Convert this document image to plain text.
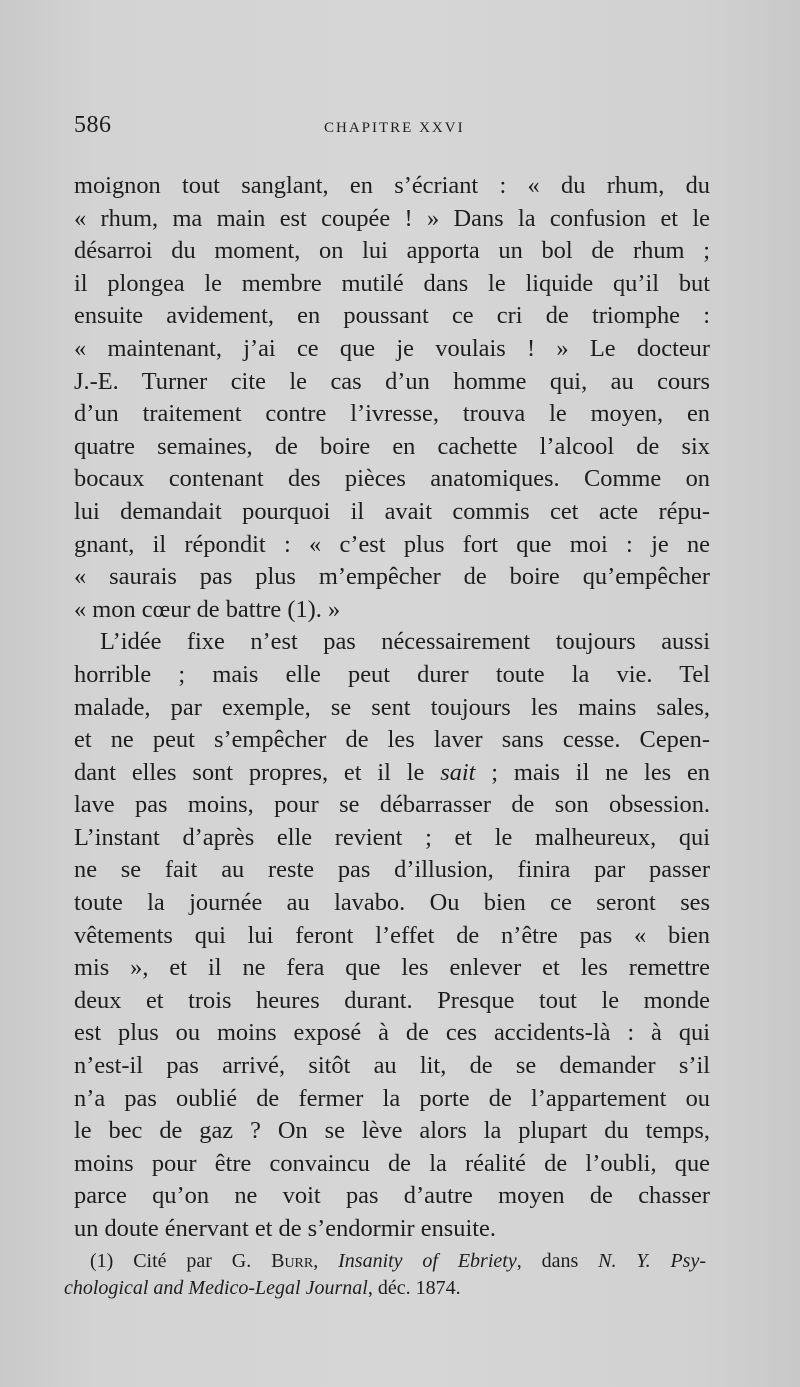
586	CHAPITRE XXVI
moignon tout sanglant, en s’écriant : « du rhum, du
« rhum, ma main est coupée ! » Dans la confusion et le
désarroi du moment, on lui apporta un bol de rhum ;
il plongea le membre mutilé dans le liquide qu’il but
ensuite avidement, en poussant ce cri de triomphe :
« maintenant, j’ai ce que je voulais ! » Le docteur
J.-E. Turner cite le cas d’un homme qui, au cours
d’un traitement contre l’ivresse, trouva le moyen, en
quatre semaines, de boire en cachette l’alcool de six
bocaux contenant des pièces anatomiques. Comme on
lui demandait pourquoi il avait commis cet acte répu-
gnant, il répondit : « c’est plus fort que moi : je ne
« saurais pas plus m’empêcher de boire qu’empêcher
« mon cœur de battre (1). »
L’idée fixe n’est pas nécessairement toujours aussi
horrible ; mais elle peut durer toute la vie. Tel
malade, par exemple, se sent toujours les mains sales,
et ne peut s’empêcher de les laver sans cesse. Cepen-
dant elles sont propres, et il le sait ; mais il ne les en
lave pas moins, pour se débarrasser de son obsession.
L’instant d’après elle revient ; et le malheureux, qui
ne se fait au reste pas d’illusion, finira par passer
toute la journée au lavabo. Ou bien ce seront ses
vêtements qui lui feront l’effet de n’être pas « bien
mis », et il ne fera que les enlever et les remettre
deux et trois heures durant. Presque tout le monde
est plus ou moins exposé à de ces accidents-là : à qui
n’est-il pas arrivé, sitôt au lit, de se demander s’il
n’a pas oublié de fermer la porte de l’appartement ou
le bec de gaz ? On se lève alors la plupart du temps,
moins pour être convaincu de la réalité de l’oubli, que
parce qu’on ne voit pas d’autre moyen de chasser
un doute énervant et de s’endormir ensuite.
(1) Cité par G. Burr, Insanity of Ebriety, dans N. Y. Psy-
chological and Medico-Legal Journal, déc. 1874.
